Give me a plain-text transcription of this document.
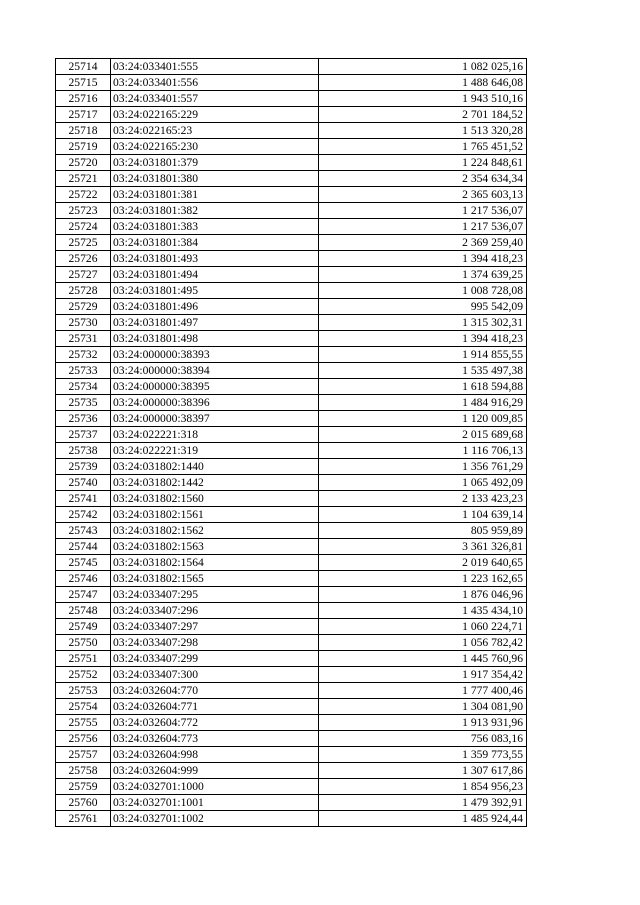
25714	03:24:033401:555	1 082 025,16
25715	03:24:033401:556	1 488 646,08
25716	03:24:033401:557	1 943 510,16
25717	03:24:022165:229	2 701 184,52
25718	03:24:022165:23	1 513 320,28
25719	03:24:022165:230	1 765 451,52
25720	03:24:031801:379	1 224 848,61
25721	03:24:031801:380	2 354 634,34
25722	03:24:031801:381	2 365 603,13
25723	03:24:031801:382	1 217 536,07
25724	03:24:031801:383	1 217 536,07
25725	03:24:031801:384	2 369 259,40
25726	03:24:031801:493	1 394 418,23
25727	03:24:031801:494	1 374 639,25
25728	03:24:031801:495	1 008 728,08
25729	03:24:031801:496	995 542,09
25730	03:24:031801:497	1 315 302,31
25731	03:24:031801:498	1 394 418,23
25732	03:24:000000:38393	1 914 855,55
25733	03:24:000000:38394	1 535 497,38
25734	03:24:000000:38395	1 618 594,88
25735	03:24:000000:38396	1 484 916,29
25736	03:24:000000:38397	1 120 009,85
25737	03:24:022221:318	2 015 689,68
25738	03:24:022221:319	1 116 706,13
25739	03:24:031802:1440	1 356 761,29
25740	03:24:031802:1442	1 065 492,09
25741	03:24:031802:1560	2 133 423,23
25742	03:24:031802:1561	1 104 639,14
25743	03:24:031802:1562	805 959,89
25744	03:24:031802:1563	3 361 326,81
25745	03:24:031802:1564	2 019 640,65
25746	03:24:031802:1565	1 223 162,65
25747	03:24:033407:295	1 876 046,96
25748	03:24:033407:296	1 435 434,10
25749	03:24:033407:297	1 060 224,71
25750	03:24:033407:298	1 056 782,42
25751	03:24:033407:299	1 445 760,96
25752	03:24:033407:300	1 917 354,42
25753	03:24:032604:770	1 777 400,46
25754	03:24:032604:771	1 304 081,90
25755	03:24:032604:772	1 913 931,96
25756	03:24:032604:773	756 083,16
25757	03:24:032604:998	1 359 773,55
25758	03:24:032604:999	1 307 617,86
25759	03:24:032701:1000	1 854 956,23
25760	03:24:032701:1001	1 479 392,91
25761	03:24:032701:1002	1 485 924,44
